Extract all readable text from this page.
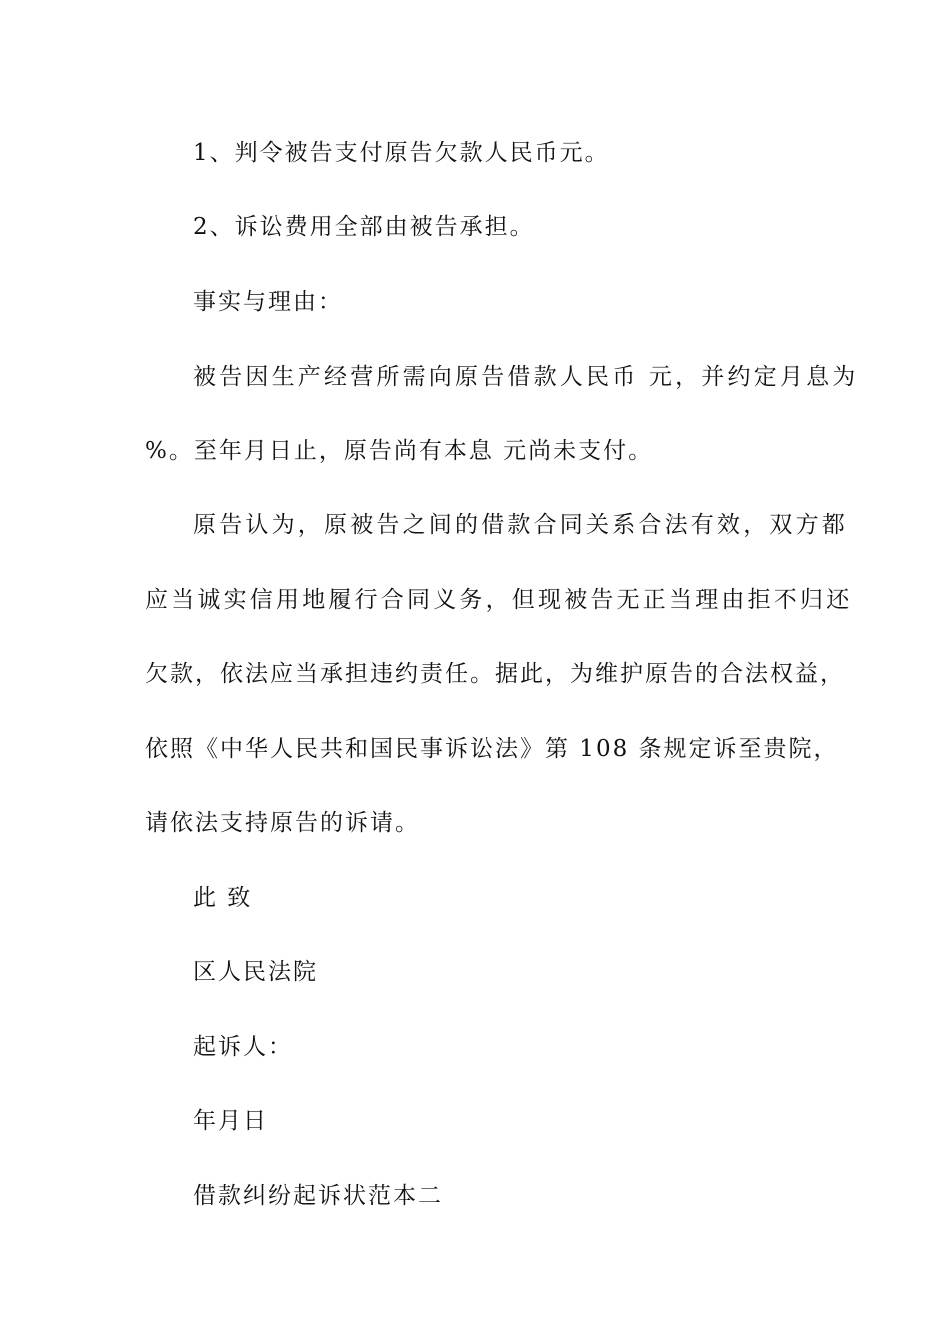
1、判令被告支付原告欠款人民币元。
2、诉讼费用全部由被告承担。
事实与理由：
被告因生产经营所需向原告借款人民币 元，并约定月息为
%。至年月日止，原告尚有本息 元尚未支付。
原告认为，原被告之间的借款合同关系合法有效，双方都
应当诚实信用地履行合同义务，但现被告无正当理由拒不归还
欠款，依法应当承担违约责任。据此，为维护原告的合法权益，
依照《中华人民共和国民事诉讼法》第 108 条规定诉至贵院，
请依法支持原告的诉请。
此 致
区人民法院
起诉人：
年月日
借款纠纷起诉状范本二
